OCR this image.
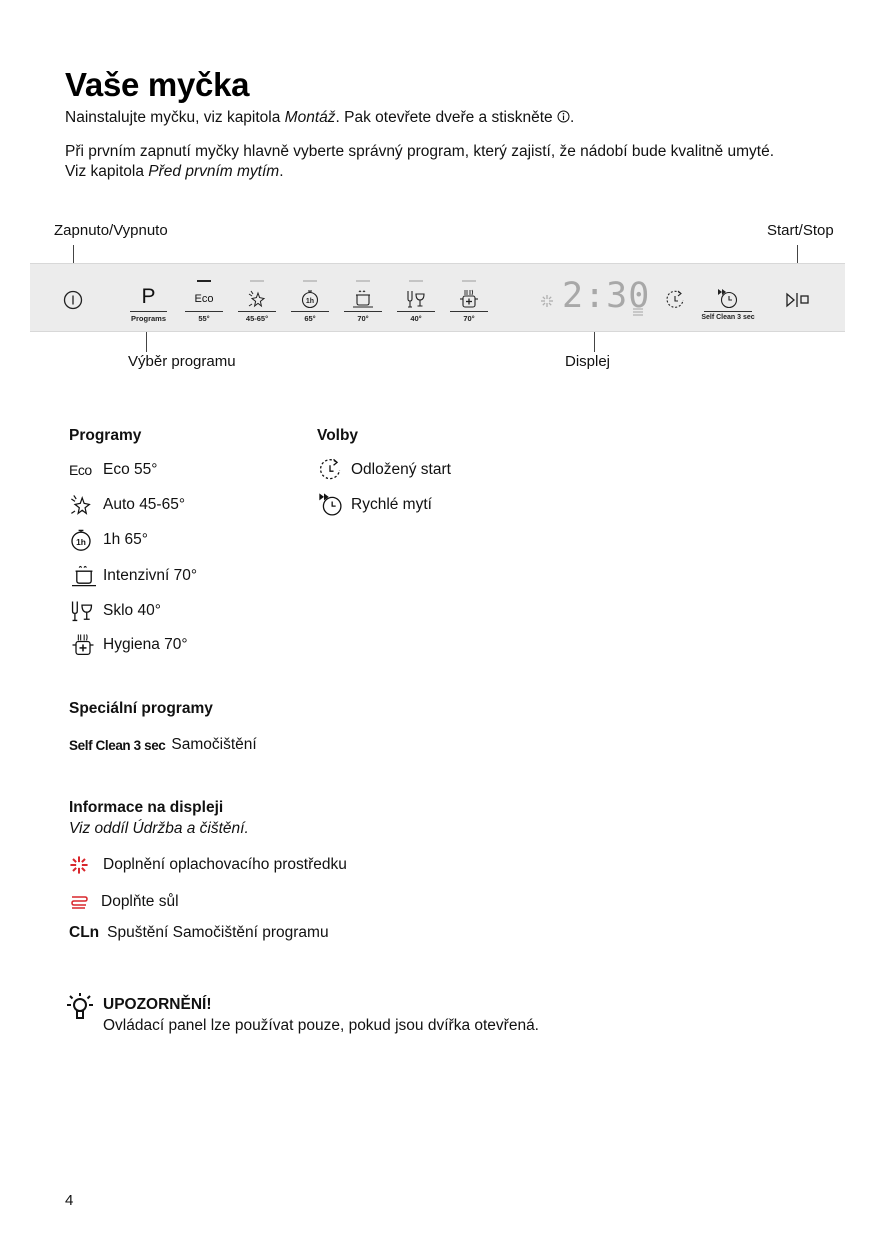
Vaše myčka
Nainstalujte myčku, viz kapitola Montáž. Pak otevřete dveře a stiskněte .
Při prvním zapnutí myčky hlavně vyberte správný program, který zajistí, že nádobí bude kvalitně umyté.
Viz kapitola Před prvním mytím.
Zapnuto/Vypnuto	Start/Stop
Výběr programu	Displej
P
Programs
Eco
55°	45-65°
1h
65°	70°	40°	70°
2:30
Self Clean 3 sec
Programy
Eco Eco 55°
Auto 45-65°
1h 1h 65°
Intenzivní 70°
Sklo 40°
Hygiena 70°
Volby
Odložený start
Rychlé mytí
Speciální programy
Self Clean 3 sec Samočištění
Informace na displeji
Viz oddíl Údržba a čištění.
Doplnění oplachovacího prostředku
Doplňte sůl
CLn Spuštění Samočištění programu
UPOZORNĚNÍ!
Ovládací panel lze používat pouze, pokud jsou dvířka otevřená.
4
